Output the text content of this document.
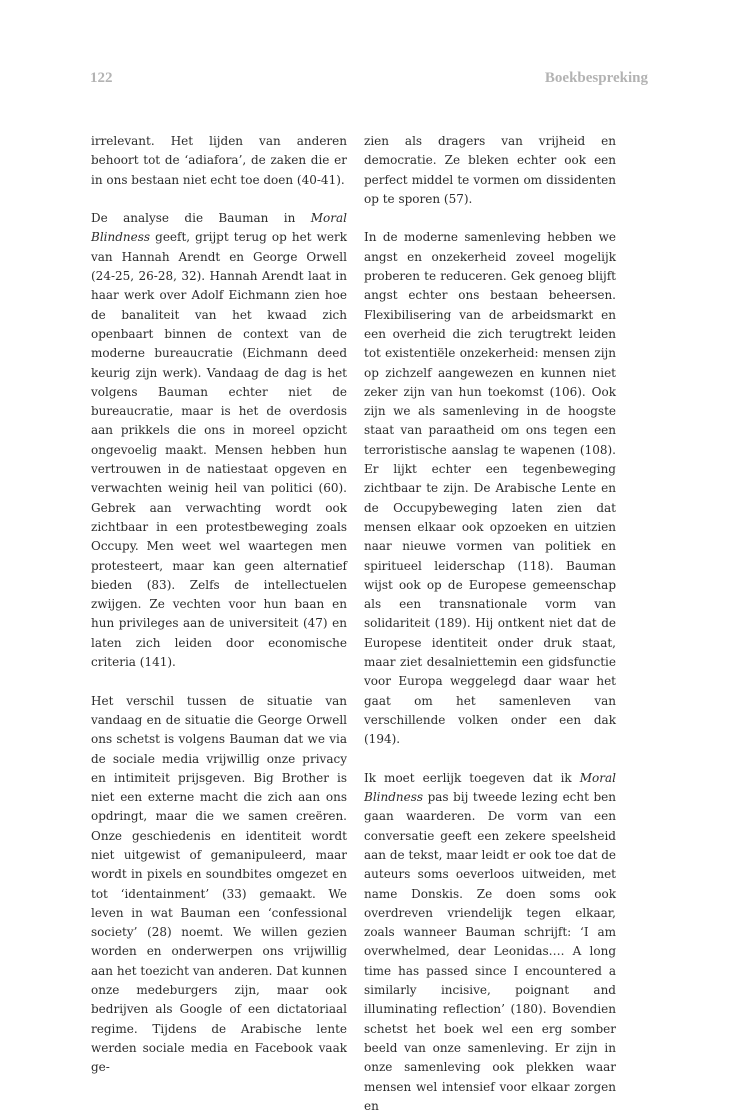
122	Boekbespreking

irrelevant. Het lijden van anderen behoort tot de ‘adiafora’, de zaken die er in ons bestaan niet echt toe doen (40-41).

De analyse die Bauman in Moral Blindness geeft, grijpt terug op het werk van Hannah Arendt en George Orwell (24-25, 26-28, 32). Hannah Arendt laat in haar werk over Adolf Eichmann zien hoe de banaliteit van het kwaad zich openbaart binnen de context van de moderne bureaucratie (Eichmann deed keurig zijn werk). Vandaag de dag is het volgens Bauman echter niet de bureaucratie, maar is het de overdosis aan prikkels die ons in moreel opzicht ongevoelig maakt. Mensen hebben hun vertrouwen in de natiestaat opgeven en verwachten weinig heil van politici (60). Gebrek aan verwachting wordt ook zichtbaar in een protestbeweging zoals Occupy. Men weet wel waartegen men protesteert, maar kan geen alternatief bieden (83). Zelfs de intellectuelen zwijgen. Ze vechten voor hun baan en hun privileges aan de universiteit (47) en laten zich leiden door economische criteria (141).

Het verschil tussen de situatie van vandaag en de situatie die George Orwell ons schetst is volgens Bauman dat we via de sociale media vrijwillig onze privacy en intimiteit prijsgeven. Big Brother is niet een externe macht die zich aan ons opdringt, maar die we samen creëren. Onze geschiedenis en identiteit wordt niet uitgewist of gemanipuleerd, maar wordt in pixels en soundbites omgezet en tot ‘identainment’ (33) gemaakt. We leven in wat Bauman een ‘confessional society’ (28) noemt. We willen gezien worden en onderwerpen ons vrijwillig aan het toezicht van anderen. Dat kunnen onze medeburgers zijn, maar ook bedrijven als Google of een dictatoriaal regime. Tijdens de Arabische lente werden sociale media en Facebook vaak ge-

zien als dragers van vrijheid en democratie. Ze bleken echter ook een perfect middel te vormen om dissidenten op te sporen (57).

In de moderne samenleving hebben we angst en onzekerheid zoveel mogelijk proberen te reduceren. Gek genoeg blijft angst echter ons bestaan beheersen. Flexibilisering van de arbeidsmarkt en een overheid die zich terugtrekt leiden tot existentiële onzekerheid: mensen zijn op zichzelf aangewezen en kunnen niet zeker zijn van hun toekomst (106). Ook zijn we als samenleving in de hoogste staat van paraatheid om ons tegen een terroristische aanslag te wapenen (108). Er lijkt echter een tegenbeweging zichtbaar te zijn. De Arabische Lente en de Occupybeweging laten zien dat mensen elkaar ook opzoeken en uitzien naar nieuwe vormen van politiek en spiritueel leiderschap (118). Bauman wijst ook op de Europese gemeenschap als een transnationale vorm van solidariteit (189). Hij ontkent niet dat de Europese identiteit onder druk staat, maar ziet desalniettemin een gidsfunctie voor Europa weggelegd daar waar het gaat om het samenleven van verschillende volken onder een dak (194).

Ik moet eerlijk toegeven dat ik Moral Blindness pas bij tweede lezing echt ben gaan waarderen. De vorm van een conversatie geeft een zekere speelsheid aan de tekst, maar leidt er ook toe dat de auteurs soms oeverloos uitweiden, met name Donskis. Ze doen soms ook overdreven vriendelijk tegen elkaar, zoals wanneer Bauman schrijft: ‘I am overwhelmed, dear Leonidas…. A long time has passed since I encountered a similarly incisive, poignant and illuminating reflection’ (180). Bovendien schetst het boek wel een erg somber beeld van onze samenleving. Er zijn in onze samenleving ook plekken waar mensen wel intensief voor elkaar zorgen en
